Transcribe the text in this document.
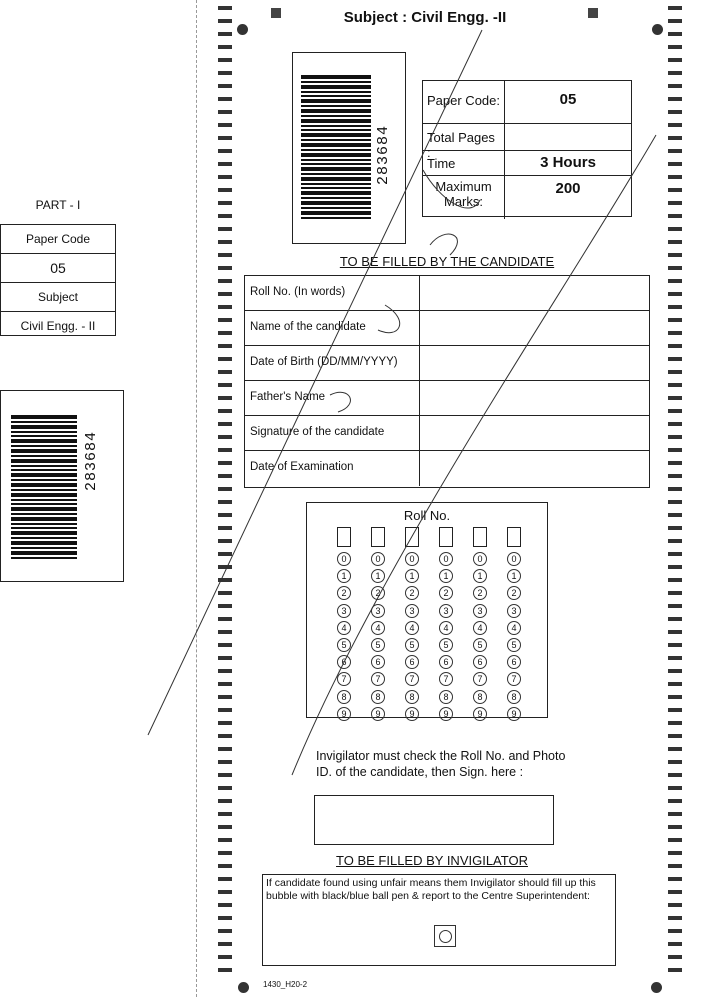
PART - I
Paper Code
05
Subject
Civil Engg. - II
283684
Subject : Civil Engg. -II
283684
Paper Code:	05
Total Pages :
Time	3 Hours
Maximum Marks:
200
TO BE FILLED BY THE CANDIDATE
Roll No. (In words)
Name of the candidate
Date of Birth (DD/MM/YYYY)
Father's Name
Signature of the candidate
Date of Examination
Roll No.
0
1
2
3
4
5
6
7
8
9
0
1
2
3
4
5
6
7
8
9
0
1
2
3
4
5
6
7
8
9
0
1
2
3
4
5
6
7
8
9
0
1
2
3
4
5
6
7
8
9
0
1
2
3
4
5
6
7
8
9
Invigilator must check the Roll No. and Photo ID. of the candidate, then Sign. here :
TO BE FILLED BY INVIGILATOR
If candidate found using unfair means them Invigilator should fill up this bubble with black/blue ball pen & report to the Centre Superintendent:
1430_H20-2
